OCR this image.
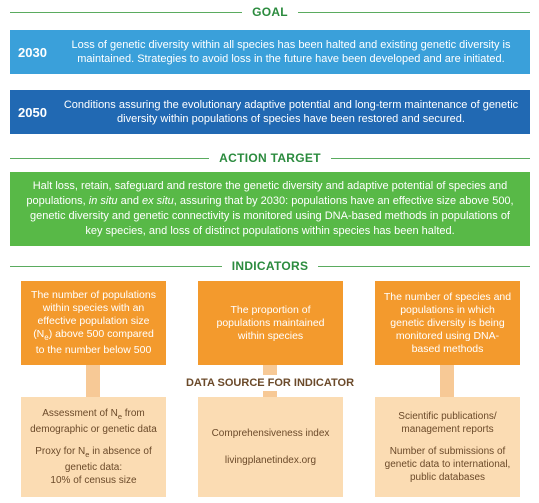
GOAL
2030	Loss of genetic diversity within all species has been halted and existing genetic diversity is maintained. Strategies to avoid loss in the future have been developed and are initiated.
2050	Conditions assuring the evolutionary adaptive potential and long-term maintenance of genetic diversity within populations of species have been restored and secured.
ACTION TARGET

Halt loss, retain, safeguard and restore the genetic diversity and adaptive potential of species and populations, in situ and ex situ, assuring that by 2030: populations have an effective size above 500, genetic diversity and genetic connectivity is monitored using DNA-based methods in populations of key species, and loss of distinct populations within species has been halted.

INDICATORS

The number of populations within species with an effective population size $(N_e)$ above 500 compared to the number below 500

The proportion of populations maintained within species

The number of species and populations in which genetic diversity is being monitored using DNA-based methods

DATA SOURCE FOR INDICATOR

Assessment of $N_e$ from demographic or genetic data

Proxy for $N_e$ in absence of genetic data:
10% of census size

Comprehensiveness index

livingplanetindex.org

Scientific publications/ management reports

Number of submissions of genetic data to international, public databases
